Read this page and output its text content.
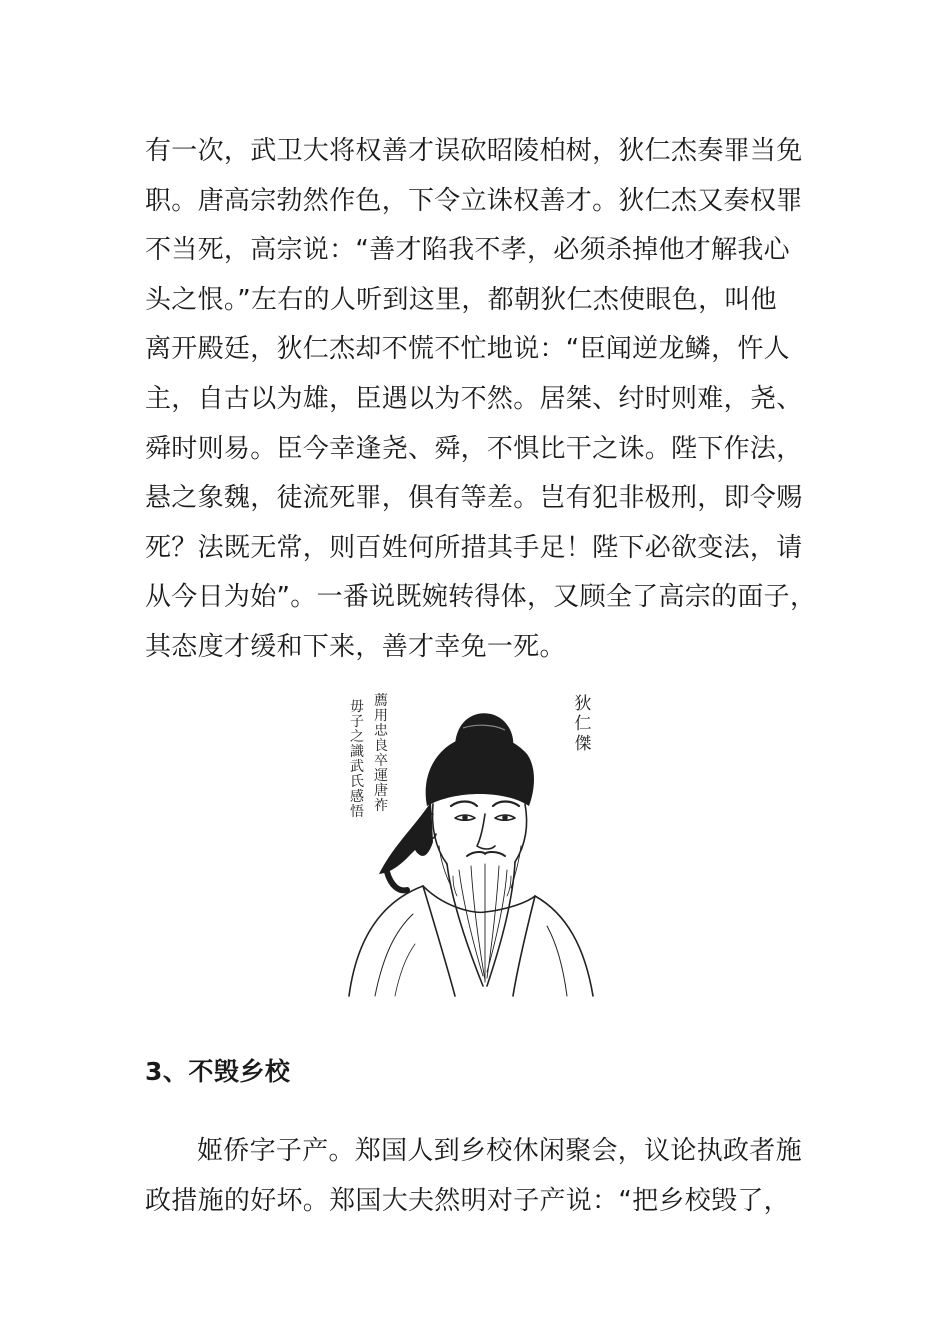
有一次，武卫大将权善才误砍昭陵柏树，狄仁杰奏罪当免
职。唐高宗勃然作色，下令立诛权善才。狄仁杰又奏权罪
不当死，高宗说：“善才陷我不孝，必须杀掉他才解我心
头之恨。”左右的人听到这里，都朝狄仁杰使眼色，叫他
离开殿廷，狄仁杰却不慌不忙地说：“臣闻逆龙鳞，忤人
主，自古以为雄，臣遇以为不然。居桀、纣时则难，尧、
舜时则易。臣今幸逢尧、舜，不惧比干之诛。陛下作法，
悬之象魏，徒流死罪，俱有等差。岂有犯非极刑，即令赐
死？法既无常，则百姓何所措其手足！陛下必欲变法，请
从今日为始”。一番说既婉转得体，又顾全了高宗的面子，
其态度才缓和下来，善才幸免一死。
薦用忠良卒運唐祚
毋子之識武氏感悟
狄仁傑
3、不毁乡校
姬侨字子产。郑国人到乡校休闲聚会，议论执政者施
政措施的好坏。郑国大夫然明对子产说：“把乡校毁了，
